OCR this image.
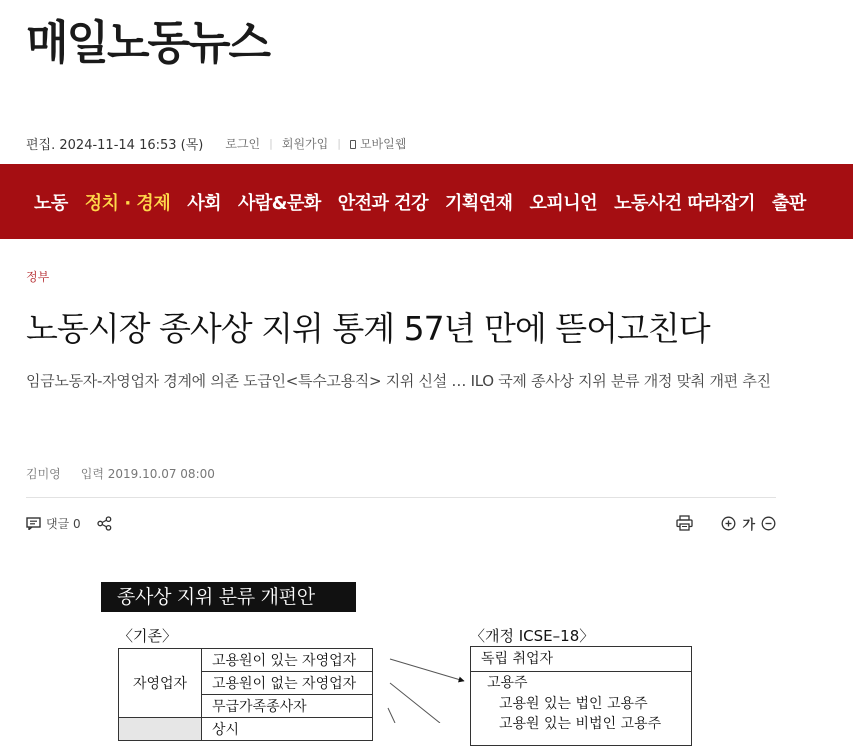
매일노동뉴스
편집. 2024-11-14 16:53 (목) 로그인 | 회원가입 |	모바일웹
노동 정치 · 경제 사회 사람&문화 안전과 건강 기획연재 오피니언 노동사건 따라잡기 출판
정부
노동시장 종사상 지위 통계 57년 만에 뜯어고친다

임금노동자-자영업자 경계에 의존 도급인<특수고용직> 지위 신설 … ILO 국제 종사상 지위 분류 개정 맞춰 개편 추진

김미영 입력 2019.10.07 08:00
댓글 0	가
종사상 지위 분류 개편안
〈기존〉	〈개정 ICSE–18〉
자영업자	고용원이 있는 자영업자
	고용원이 없는 자영업자
	무급가족종사자
	상시
독립 취업자
고용주
고용원 있는 법인 고용주
고용원 있는 비법인 고용주
